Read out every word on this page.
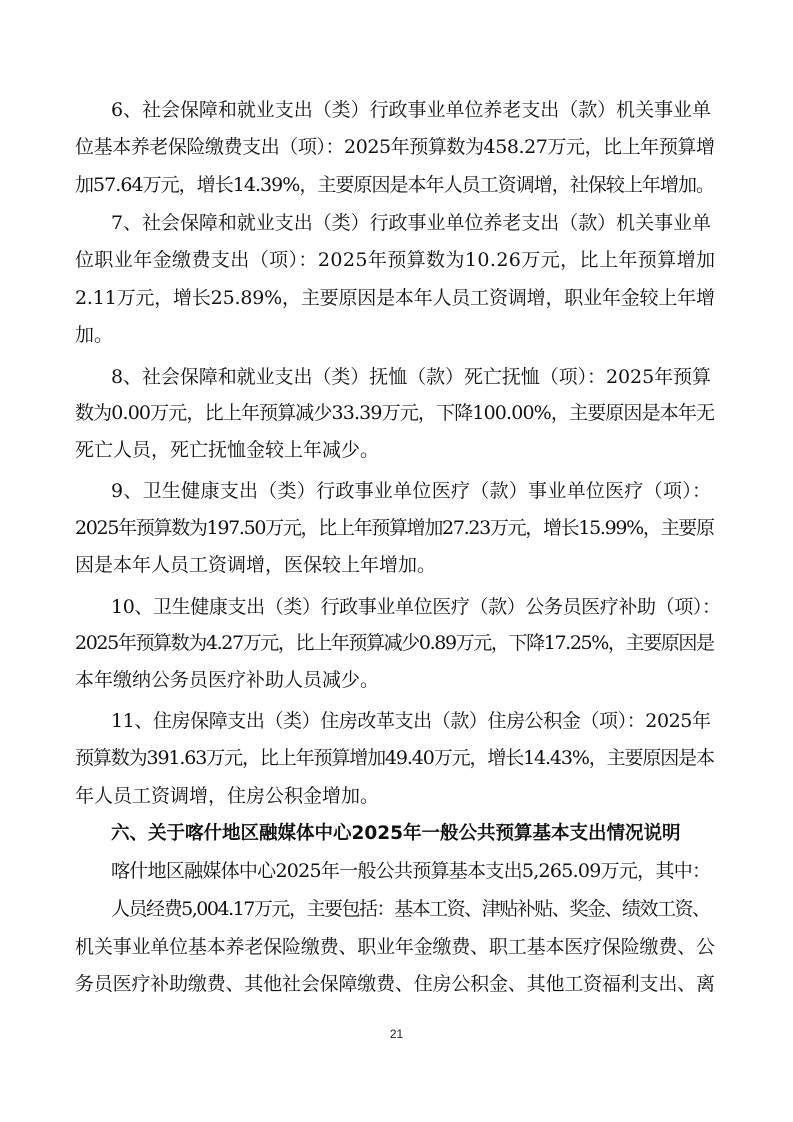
6、社会保障和就业支出（类）行政事业单位养老支出（款）机关事业单
位基本养老保险缴费支出（项）：2025年预算数为458.27万元，比上年预算增
加57.64万元，增长14.39%，主要原因是本年人员工资调增，社保较上年增加。
7、社会保障和就业支出（类）行政事业单位养老支出（款）机关事业单
位职业年金缴费支出（项）：2025年预算数为10.26万元，比上年预算增加
2.11万元，增长25.89%，主要原因是本年人员工资调增，职业年金较上年增
加。
8、社会保障和就业支出（类）抚恤（款）死亡抚恤（项）：2025年预算
数为0.00万元，比上年预算减少33.39万元，下降100.00%，主要原因是本年无
死亡人员，死亡抚恤金较上年减少。
9、卫生健康支出（类）行政事业单位医疗（款）事业单位医疗（项）：
2025年预算数为197.50万元，比上年预算增加27.23万元，增长15.99%，主要原
因是本年人员工资调增，医保较上年增加。
10、卫生健康支出（类）行政事业单位医疗（款）公务员医疗补助（项）：
2025年预算数为4.27万元，比上年预算减少0.89万元，下降17.25%，主要原因是
本年缴纳公务员医疗补助人员减少。
11、住房保障支出（类）住房改革支出（款）住房公积金（项）：2025年
预算数为391.63万元，比上年预算增加49.40万元，增长14.43%，主要原因是本
年人员工资调增，住房公积金增加。
六、关于喀什地区融媒体中心2025年一般公共预算基本支出情况说明
喀什地区融媒体中心2025年一般公共预算基本支出5,265.09万元，其中：
人员经费5,004.17万元，主要包括：基本工资、津贴补贴、奖金、绩效工资、
机关事业单位基本养老保险缴费、职业年金缴费、职工基本医疗保险缴费、公
务员医疗补助缴费、其他社会保障缴费、住房公积金、其他工资福利支出、离
21
